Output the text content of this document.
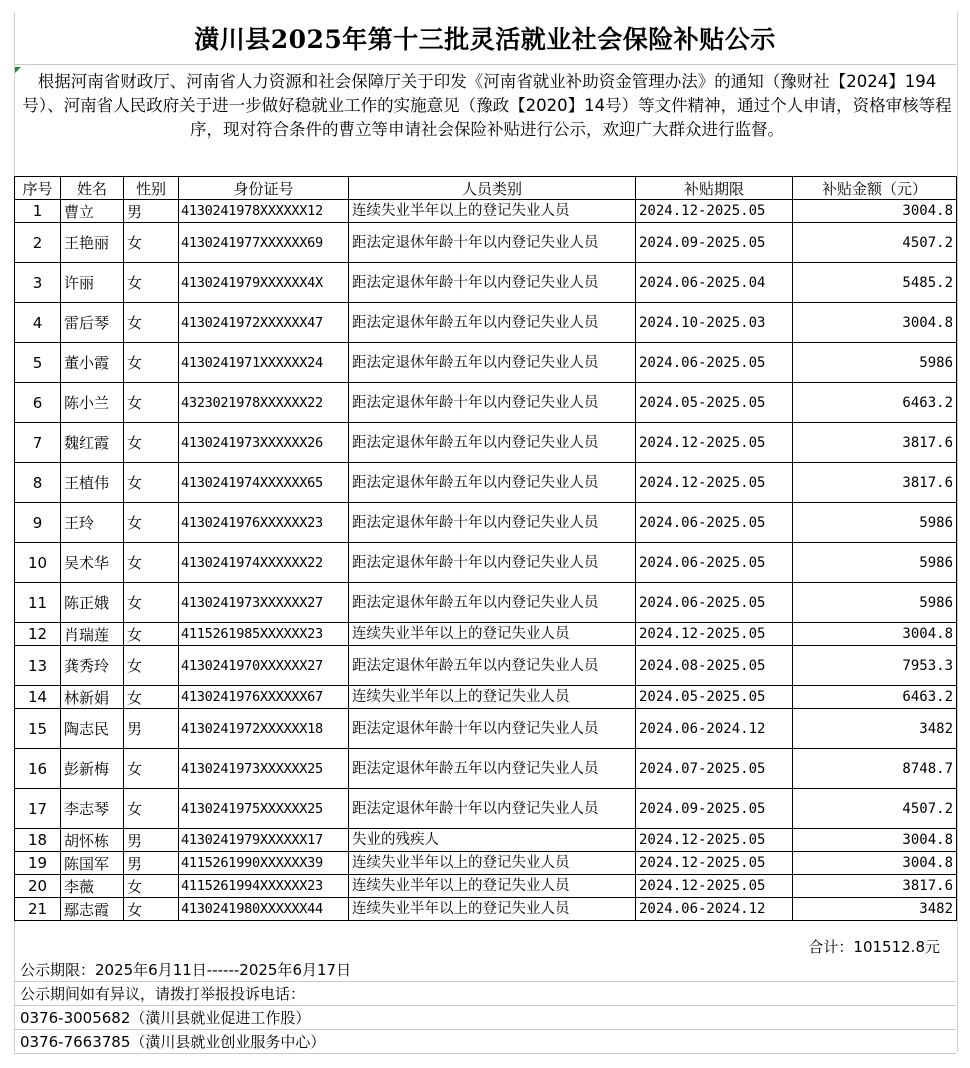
潢川县2025年第十三批灵活就业社会保险补贴公示
根据河南省财政厅、河南省人力资源和社会保障厅关于印发《河南省就业补助资金管理办法》的通知（豫财社【2024】194号）、河南省人民政府关于进一步做好稳就业工作的实施意见（豫政【2020】14号）等文件精神，通过个人申请，资格审核等程序，现对符合条件的曹立等申请社会保险补贴进行公示，欢迎广大群众进行监督。
序号	姓名	性别	身份证号	人员类别	补贴期限	补贴金额（元）
1	曹立	男	4130241978XXXXXX12	连续失业半年以上的登记失业人员	2024.12-2025.05	3004.8
2	王艳丽	女	4130241977XXXXXX69	距法定退休年龄十年以内登记失业人员	2024.09-2025.05	4507.2
3	许丽	女	4130241979XXXXXX4X	距法定退休年龄十年以内登记失业人员	2024.06-2025.04	5485.2
4	雷后琴	女	4130241972XXXXXX47	距法定退休年龄五年以内登记失业人员	2024.10-2025.03	3004.8
5	董小霞	女	4130241971XXXXXX24	距法定退休年龄五年以内登记失业人员	2024.06-2025.05	5986
6	陈小兰	女	4323021978XXXXXX22	距法定退休年龄十年以内登记失业人员	2024.05-2025.05	6463.2
7	魏红霞	女	4130241973XXXXXX26	距法定退休年龄五年以内登记失业人员	2024.12-2025.05	3817.6
8	王植伟	女	4130241974XXXXXX65	距法定退休年龄五年以内登记失业人员	2024.12-2025.05	3817.6
9	王玲	女	4130241976XXXXXX23	距法定退休年龄十年以内登记失业人员	2024.06-2025.05	5986
10	吴术华	女	4130241974XXXXXX22	距法定退休年龄十年以内登记失业人员	2024.06-2025.05	5986
11	陈正娥	女	4130241973XXXXXX27	距法定退休年龄五年以内登记失业人员	2024.06-2025.05	5986
12	肖瑞莲	女	4115261985XXXXXX23	连续失业半年以上的登记失业人员	2024.12-2025.05	3004.8
13	龚秀玲	女	4130241970XXXXXX27	距法定退休年龄五年以内登记失业人员	2024.08-2025.05	7953.3
14	林新娟	女	4130241976XXXXXX67	连续失业半年以上的登记失业人员	2024.05-2025.05	6463.2
15	陶志民	男	4130241972XXXXXX18	距法定退休年龄十年以内登记失业人员	2024.06-2024.12	3482
16	彭新梅	女	4130241973XXXXXX25	距法定退休年龄五年以内登记失业人员	2024.07-2025.05	8748.7
17	李志琴	女	4130241975XXXXXX25	距法定退休年龄十年以内登记失业人员	2024.09-2025.05	4507.2
18	胡怀栋	男	4130241979XXXXXX17	失业的残疾人	2024.12-2025.05	3004.8
19	陈国军	男	4115261990XXXXXX39	连续失业半年以上的登记失业人员	2024.12-2025.05	3004.8
20	李薇	女	4115261994XXXXXX23	连续失业半年以上的登记失业人员	2024.12-2025.05	3817.6
21	鄢志霞	女	4130241980XXXXXX44	连续失业半年以上的登记失业人员	2024.06-2024.12	3482
合计：101512.8元
公示期限：2025年6月11日------2025年6月17日
公示期间如有异议，请拨打举报投诉电话：
0376-3005682（潢川县就业促进工作股）
0376-7663785（潢川县就业创业服务中心）
